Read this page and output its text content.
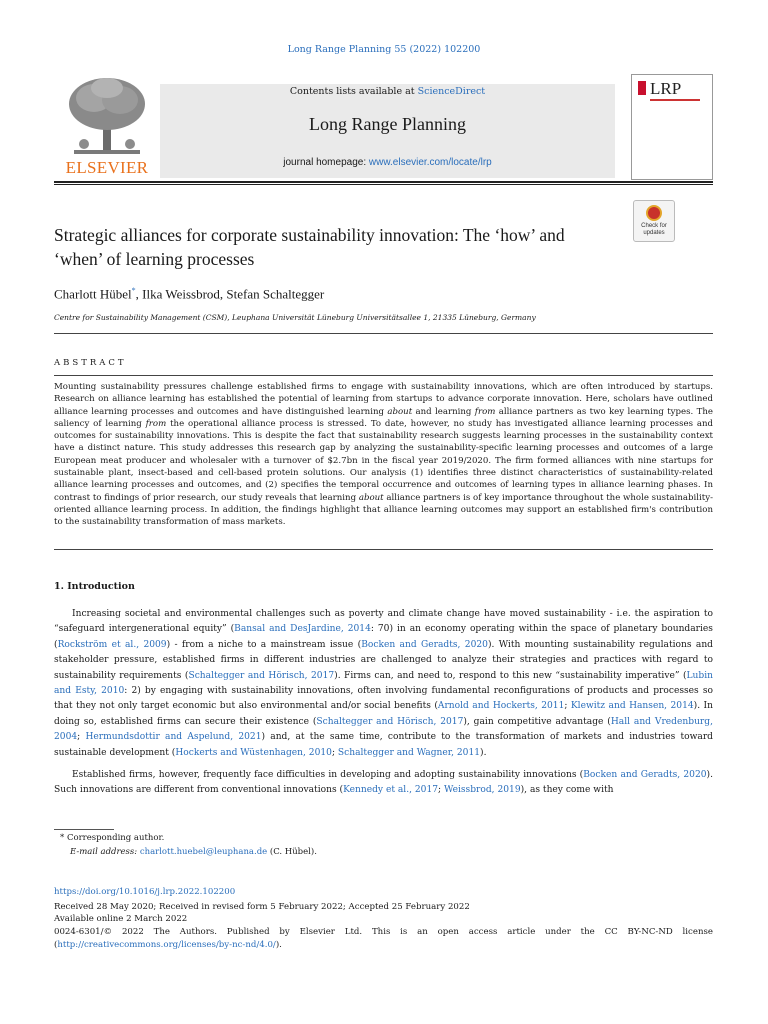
Long Range Planning 55 (2022) 102200
ELSEVIER
Contents lists available at ScienceDirect
Long Range Planning
journal homepage: www.elsevier.com/locate/lrp
LRP
Strategic alliances for corporate sustainability innovation: The ‘how’ and ‘when’ of learning processes
Check for updates
Charlott Hübel*, Ilka Weissbrod, Stefan Schaltegger
Centre for Sustainability Management (CSM), Leuphana Universität Lüneburg Universitätsallee 1, 21335 Lüneburg, Germany
ABSTRACT
Mounting sustainability pressures challenge established firms to engage with sustainability innovations, which are often introduced by startups. Research on alliance learning has established the potential of learning from startups to advance corporate innovation. Here, scholars have outlined alliance learning processes and outcomes and have distinguished learning about and learning from alliance partners as two key learning types. The saliency of learning from the operational alliance process is stressed. To date, however, no study has investigated alliance learning processes and outcomes for sustainability innovations. This is despite the fact that sustainability research suggests learning processes in the sustainability context have a distinct nature. This study addresses this research gap by analyzing the sustainability-specific learning processes and outcomes of a large European meat producer and wholesaler with a turnover of $2.7bn in the fiscal year 2019/2020. The firm formed alliances with nine startups for sustainable plant, insect-based and cell-based protein solutions. Our analysis (1) identifies three distinct characteristics of sustainability-related alliance learning processes and outcomes, and (2) specifies the temporal occurrence and outcomes of learning types in alliance learning phases. In contrast to findings of prior research, our study reveals that learning about alliance partners is of key importance throughout the whole sustainability-oriented alliance learning process. In addition, the findings highlight that alliance learning outcomes may support an established firm's contribution to the sustainability transformation of mass markets.
1. Introduction
Increasing societal and environmental challenges such as poverty and climate change have moved sustainability - i.e. the aspiration to “safeguard intergenerational equity” (Bansal and DesJardine, 2014: 70) in an economy operating within the space of planetary boundaries (Rockström et al., 2009) - from a niche to a mainstream issue (Bocken and Geradts, 2020). With mounting sustainability regulations and stakeholder pressure, established firms in different industries are challenged to analyze their strategies and practices with regard to sustainability requirements (Schaltegger and Hörisch, 2017). Firms can, and need to, respond to this new “sustainability imperative” (Lubin and Esty, 2010: 2) by engaging with sustainability innovations, often involving fundamental reconfigurations of products and processes so that they not only target economic but also environmental and/or social benefits (Arnold and Hockerts, 2011; Klewitz and Hansen, 2014). In doing so, established firms can secure their existence (Schaltegger and Hörisch, 2017), gain competitive advantage (Hall and Vredenburg, 2004; Hermundsdottir and Aspelund, 2021) and, at the same time, contribute to the transformation of markets and industries toward sustainable development (Hockerts and Wüstenhagen, 2010; Schaltegger and Wagner, 2011).
Established firms, however, frequently face difficulties in developing and adopting sustainability innovations (Bocken and Geradts, 2020). Such innovations are different from conventional innovations (Kennedy et al., 2017; Weissbrod, 2019), as they come with
* Corresponding author.
E-mail address: charlott.huebel@leuphana.de (C. Hübel).
https://doi.org/10.1016/j.lrp.2022.102200
Received 28 May 2020; Received in revised form 5 February 2022; Accepted 25 February 2022
Available online 2 March 2022
0024-6301/© 2022 The Authors. Published by Elsevier Ltd. This is an open access article under the CC BY-NC-ND license (http://creativecommons.org/licenses/by-nc-nd/4.0/).
